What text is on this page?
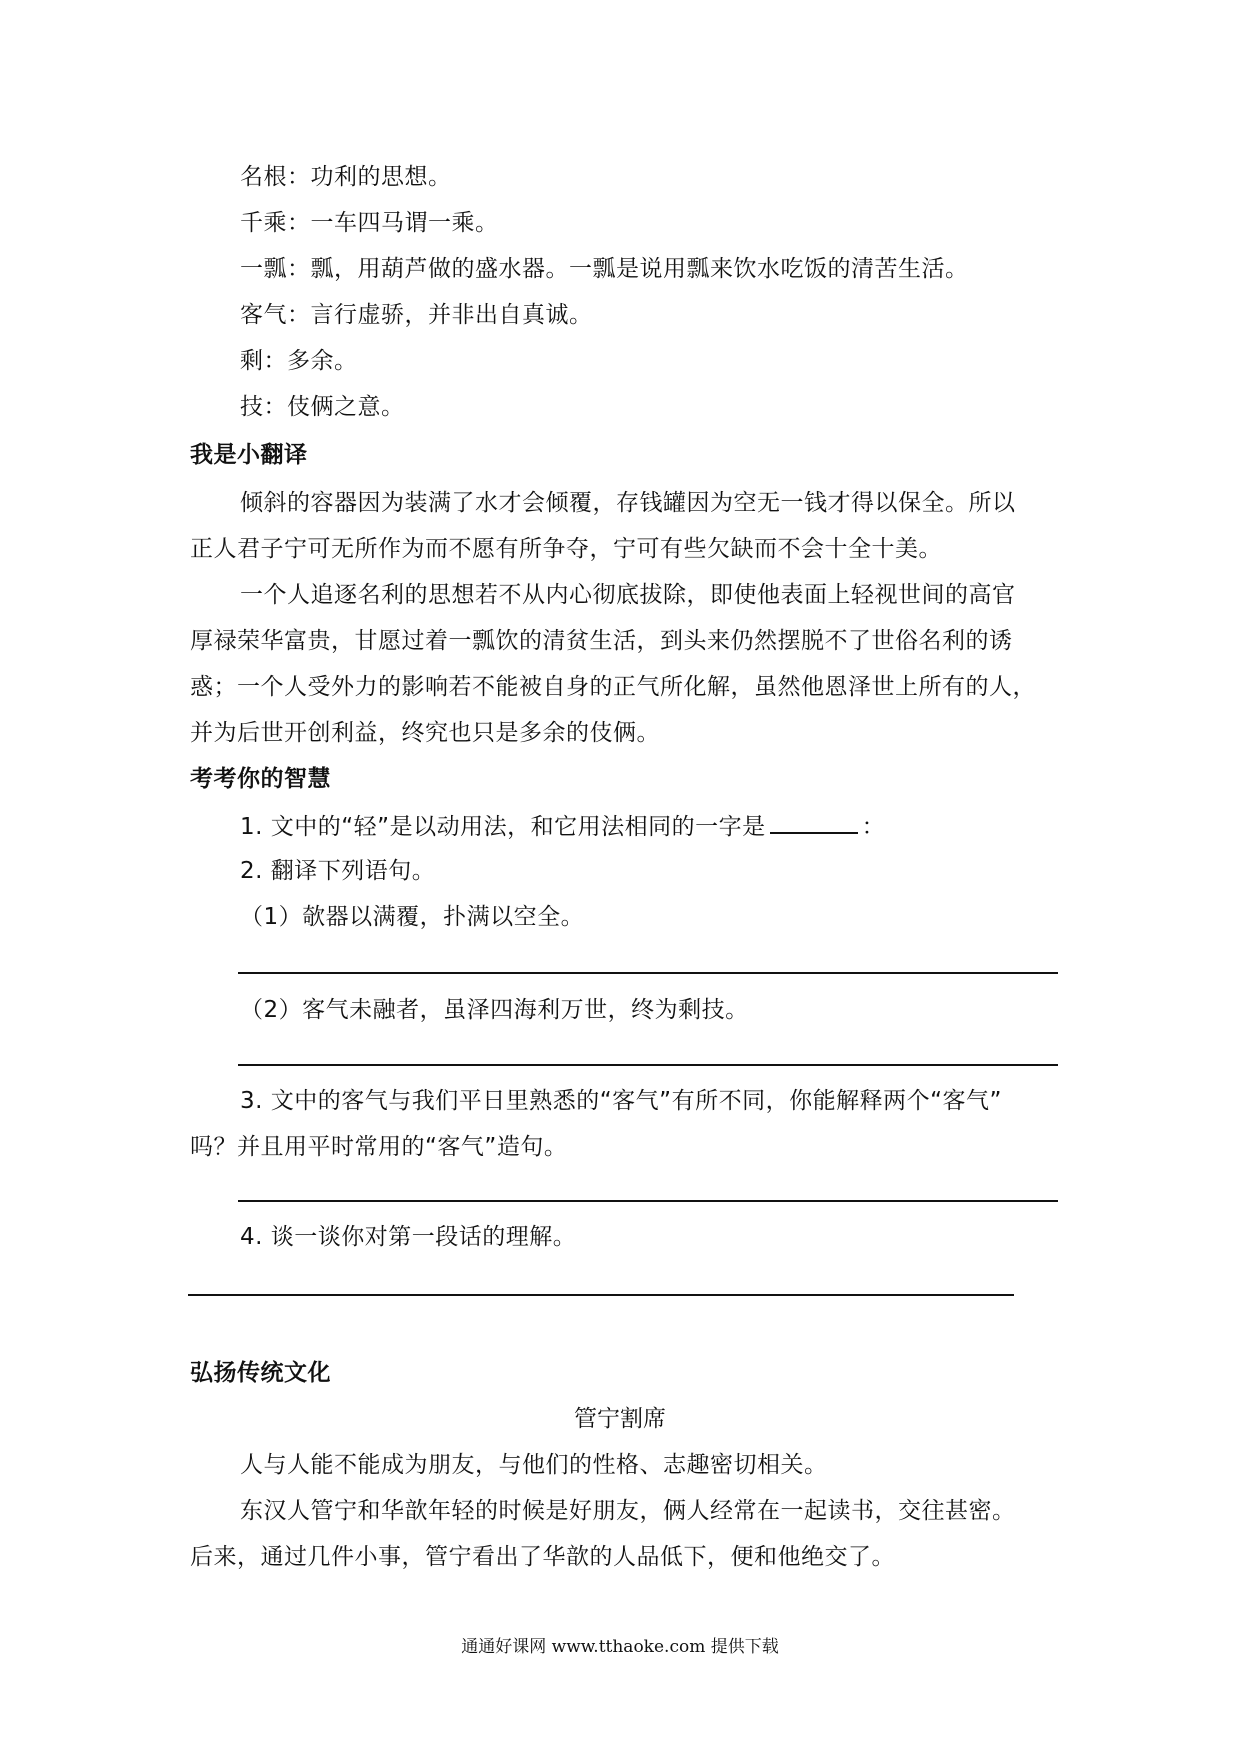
名根：功利的思想。
千乘：一车四马谓一乘。
一瓢：瓢，用葫芦做的盛水器。一瓢是说用瓢来饮水吃饭的清苦生活。
客气：言行虚骄，并非出自真诚。
剩：多余。
技：伎俩之意。
我是小翻译
倾斜的容器因为装满了水才会倾覆，存钱罐因为空无一钱才得以保全。所以
正人君子宁可无所作为而不愿有所争夺，宁可有些欠缺而不会十全十美。
一个人追逐名利的思想若不从内心彻底拔除，即使他表面上轻视世间的高官
厚禄荣华富贵，甘愿过着一瓢饮的清贫生活，到头来仍然摆脱不了世俗名利的诱
惑；一个人受外力的影响若不能被自身的正气所化解，虽然他恩泽世上所有的人，
并为后世开创利益，终究也只是多余的伎俩。
考考你的智慧
1. 文中的“轻”是以动用法，和它用法相同的一字是	：
2. 翻译下列语句。
（1）欹器以满覆，扑满以空全。
（2）客气未融者，虽泽四海利万世，终为剩技。
3. 文中的客气与我们平日里熟悉的“客气”有所不同，你能解释两个“客气”
吗？并且用平时常用的“客气”造句。
4. 谈一谈你对第一段话的理解。
弘扬传统文化
管宁割席
人与人能不能成为朋友，与他们的性格、志趣密切相关。
东汉人管宁和华歆年轻的时候是好朋友，俩人经常在一起读书，交往甚密。
后来，通过几件小事，管宁看出了华歆的人品低下，便和他绝交了。
通通好课网 www.tthaoke.com 提供下载
